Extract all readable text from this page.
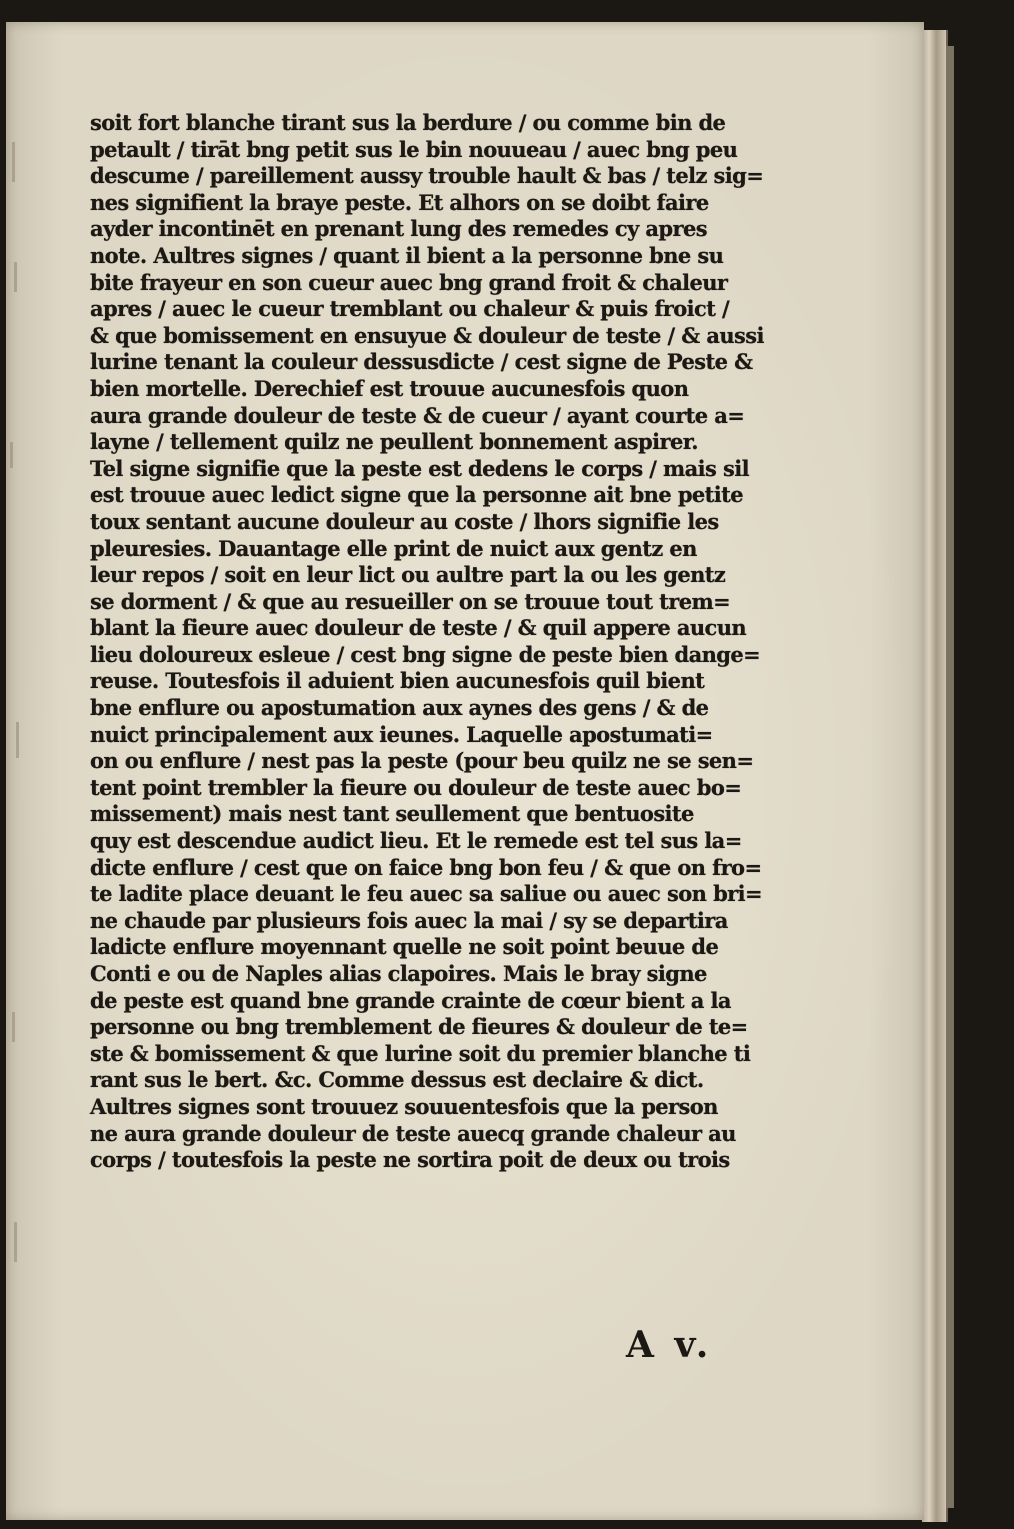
soit fort blanche tirant sus la berdure / ou comme bin de
petault / tirāt bng petit sus le bin nouueau / auec bng peu
descume / pareillement aussy trouble hault & bas / telz sig=
nes signifient la braye peste. Et alhors on se doibt faire
ayder incontinēt en prenant lung des remedes cy apres
note. Aultres signes / quant il bient a la personne bne su
bite frayeur en son cueur auec bng grand froit & chaleur
apres / auec le cueur tremblant ou chaleur & puis froict /
& que bomissement en ensuyue & douleur de teste / & aussi
lurine tenant la couleur dessusdicte / cest signe de Peste &
bien mortelle. Derechief est trouue aucunesfois quon
aura grande douleur de teste & de cueur / ayant courte a=
layne / tellement quilz ne peullent bonnement aspirer.
Tel signe signifie que la peste est dedens le corps / mais sil
est trouue auec ledict signe que la personne ait bne petite
toux sentant aucune douleur au coste / lhors signifie les
pleuresies. Dauantage elle print de nuict aux gentz en
leur repos / soit en leur lict ou aultre part la ou les gentz
se dorment / & que au resueiller on se trouue tout trem=
blant la fieure auec douleur de teste / & quil appere aucun
lieu doloureux esleue / cest bng signe de peste bien dange=
reuse. Toutesfois il aduient bien aucunesfois quil bient
bne enflure ou apostumation aux aynes des gens / & de
nuict principalement aux ieunes. Laquelle apostumati=
on ou enflure / nest pas la peste (pour beu quilz ne se sen=
tent point trembler la fieure ou douleur de teste auec bo=
missement) mais nest tant seullement que bentuosite
quy est descendue audict lieu. Et le remede est tel sus la=
dicte enflure / cest que on faice bng bon feu / & que on fro=
te ladite place deuant le feu auec sa saliue ou auec son bri=
ne chaude par plusieurs fois auec la mai / sy se departira
ladicte enflure moyennant quelle ne soit point beuue de
Conti e ou de Naples alias clapoires. Mais le bray signe
de peste est quand bne grande crainte de cœur bient a la
personne ou bng tremblement de fieures & douleur de te=
ste & bomissement & que lurine soit du premier blanche ti
rant sus le bert. &c. Comme dessus est declaire & dict.
Aultres signes sont trouuez souuentesfois que la person
ne aura grande douleur de teste auecq grande chaleur au
corps / toutesfois la peste ne sortira poit de deux ou trois
A v.
